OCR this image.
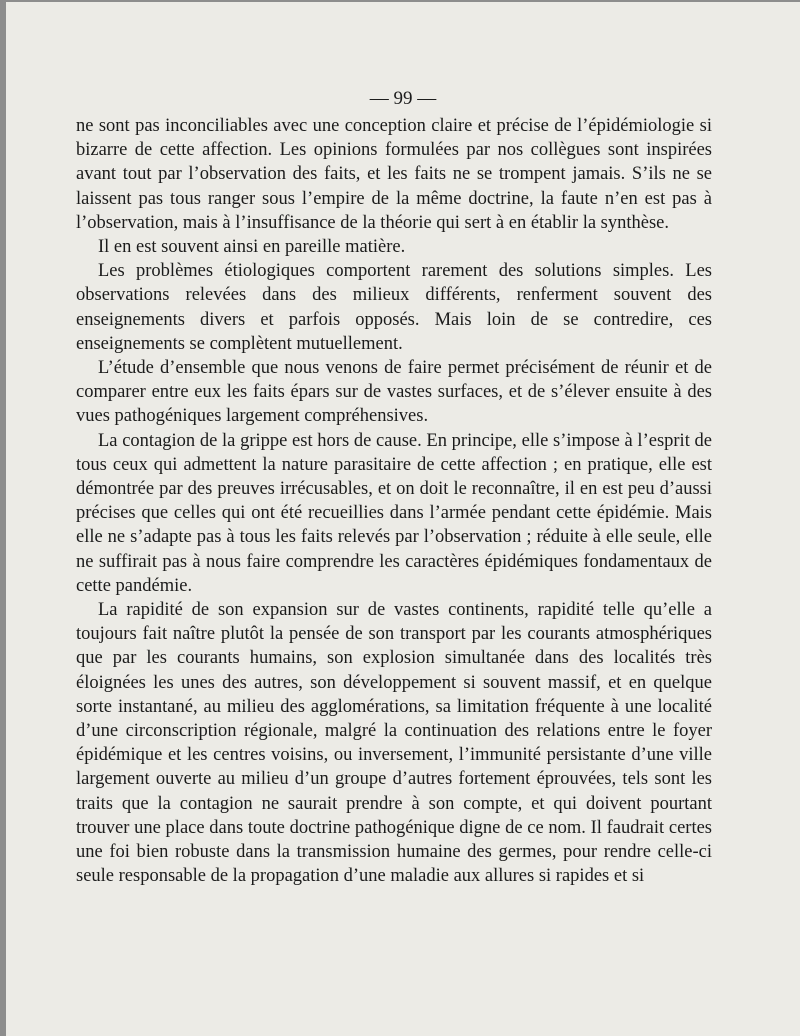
— 99 —

ne sont pas inconciliables avec une conception claire et précise de l’épidémiologie si bizarre de cette affection. Les opinions formulées par nos collègues sont inspirées avant tout par l’observation des faits, et les faits ne se trompent jamais. S’ils ne se laissent pas tous ranger sous l’empire de la même doctrine, la faute n’en est pas à l’observation, mais à l’insuffisance de la théorie qui sert à en établir la synthèse.

Il en est souvent ainsi en pareille matière.

Les problèmes étiologiques comportent rarement des solutions simples. Les observations relevées dans des milieux différents, renferment souvent des enseignements divers et parfois opposés. Mais loin de se contredire, ces enseignements se complètent mutuellement.

L’étude d’ensemble que nous venons de faire permet précisément de réunir et de comparer entre eux les faits épars sur de vastes surfaces, et de s’élever ensuite à des vues pathogéniques largement compréhensives.

La contagion de la grippe est hors de cause. En principe, elle s’impose à l’esprit de tous ceux qui admettent la nature parasitaire de cette affection ; en pratique, elle est démontrée par des preuves irrécusables, et on doit le reconnaître, il en est peu d’aussi précises que celles qui ont été recueillies dans l’armée pendant cette épidémie. Mais elle ne s’adapte pas à tous les faits relevés par l’observation ; réduite à elle seule, elle ne suffirait pas à nous faire comprendre les caractères épidémiques fondamentaux de cette pandémie.

La rapidité de son expansion sur de vastes continents, rapidité telle qu’elle a toujours fait naître plutôt la pensée de son transport par les courants atmosphériques que par les courants humains, son explosion simultanée dans des localités très éloignées les unes des autres, son développement si souvent massif, et en quelque sorte instantané, au milieu des agglomérations, sa limitation fréquente à une localité d’une circonscription régionale, malgré la continuation des relations entre le foyer épidémique et les centres voisins, ou inversement, l’immunité persistante d’une ville largement ouverte au milieu d’un groupe d’autres fortement éprouvées, tels sont les traits que la contagion ne saurait prendre à son compte, et qui doivent pourtant trouver une place dans toute doctrine pathogénique digne de ce nom. Il faudrait certes une foi bien robuste dans la transmission humaine des germes, pour rendre celle-ci seule responsable de la propagation d’une maladie aux allures si rapides et si
